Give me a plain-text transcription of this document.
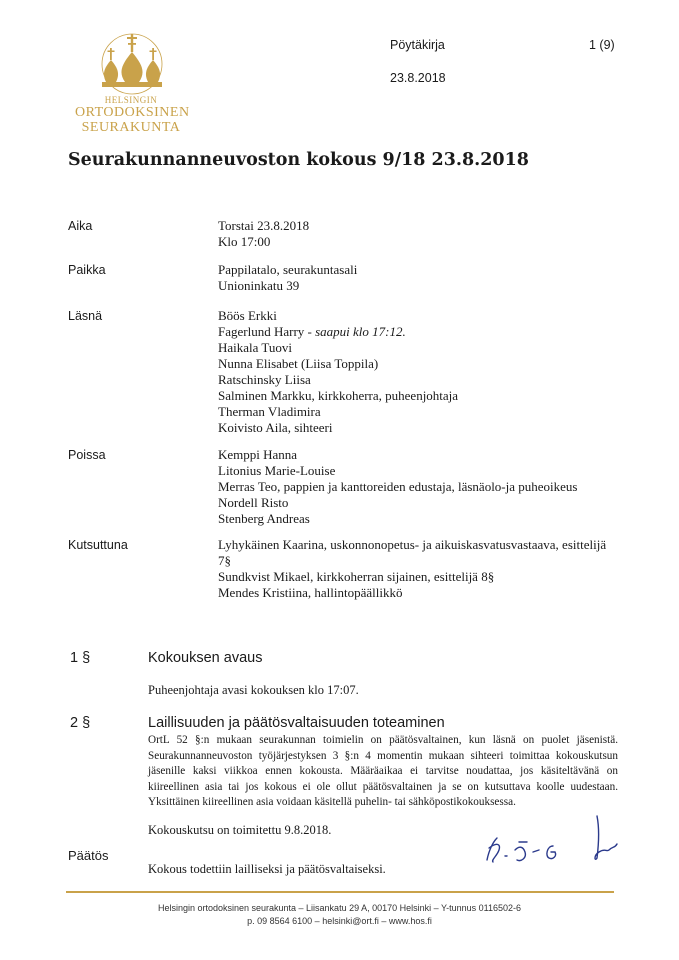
HELSINGIN
ORTODOKSINEN
SEURAKUNTA
Pöytäkirja	1 (9)
23.8.2018
Seurakunnanneuvoston kokous 9/18 23.8.2018
Aika	Torstai 23.8.2018
Klo 17:00
Paikka	Pappilatalo, seurakuntasali
Unioninkatu 39
Läsnä	Böös Erkki
Fagerlund Harry - saapui klo 17:12.
Haikala Tuovi
Nunna Elisabet (Liisa Toppila)
Ratschinsky Liisa
Salminen Markku, kirkkoherra, puheenjohtaja
Therman Vladimira
Koivisto Aila, sihteeri
Poissa	Kemppi Hanna
Litonius Marie-Louise
Merras Teo, pappien ja kanttoreiden edustaja, läsnäolo-ja puheoikeus
Nordell Risto
Stenberg Andreas
Kutsuttuna	Lyhykäinen Kaarina, uskonnonopetus- ja aikuiskasvatusvastaava, esittelijä
7§
Sundkvist Mikael, kirkkoherran sijainen, esittelijä 8§
Mendes Kristiina, hallintopäällikkö
1 §	Kokouksen avaus
Puheenjohtaja avasi kokouksen klo 17:07.
2 §	Laillisuuden ja päätösvaltaisuuden toteaminen
OrtL 52 §:n mukaan seurakunnan toimielin on päätösvaltainen, kun läsnä on puolet jäsenistä. Seurakunnanneuvoston työjärjestyksen 3 §:n 4 momentin mukaan sihteeri toimittaa kokouskutsun jäsenille kaksi viikkoa ennen kokousta. Määräaikaa ei tarvitse noudattaa, jos käsiteltävänä on kiireellinen asia tai jos kokous ei ole ollut päätösvaltainen ja se on kutsuttava koolle uudestaan. Yksittäinen kiireellinen asia voidaan käsitellä puhelin- tai sähköpostikokouksessa.
Kokouskutsu on toimitettu 9.8.2018.
Päätös
Kokous todettiin lailliseksi ja päätösvaltaiseksi.
Helsingin ortodoksinen seurakunta – Liisankatu 29 A, 00170 Helsinki – Y-tunnus 0116502-6
p. 09 8564 6100 – helsinki@ort.fi – www.hos.fi
